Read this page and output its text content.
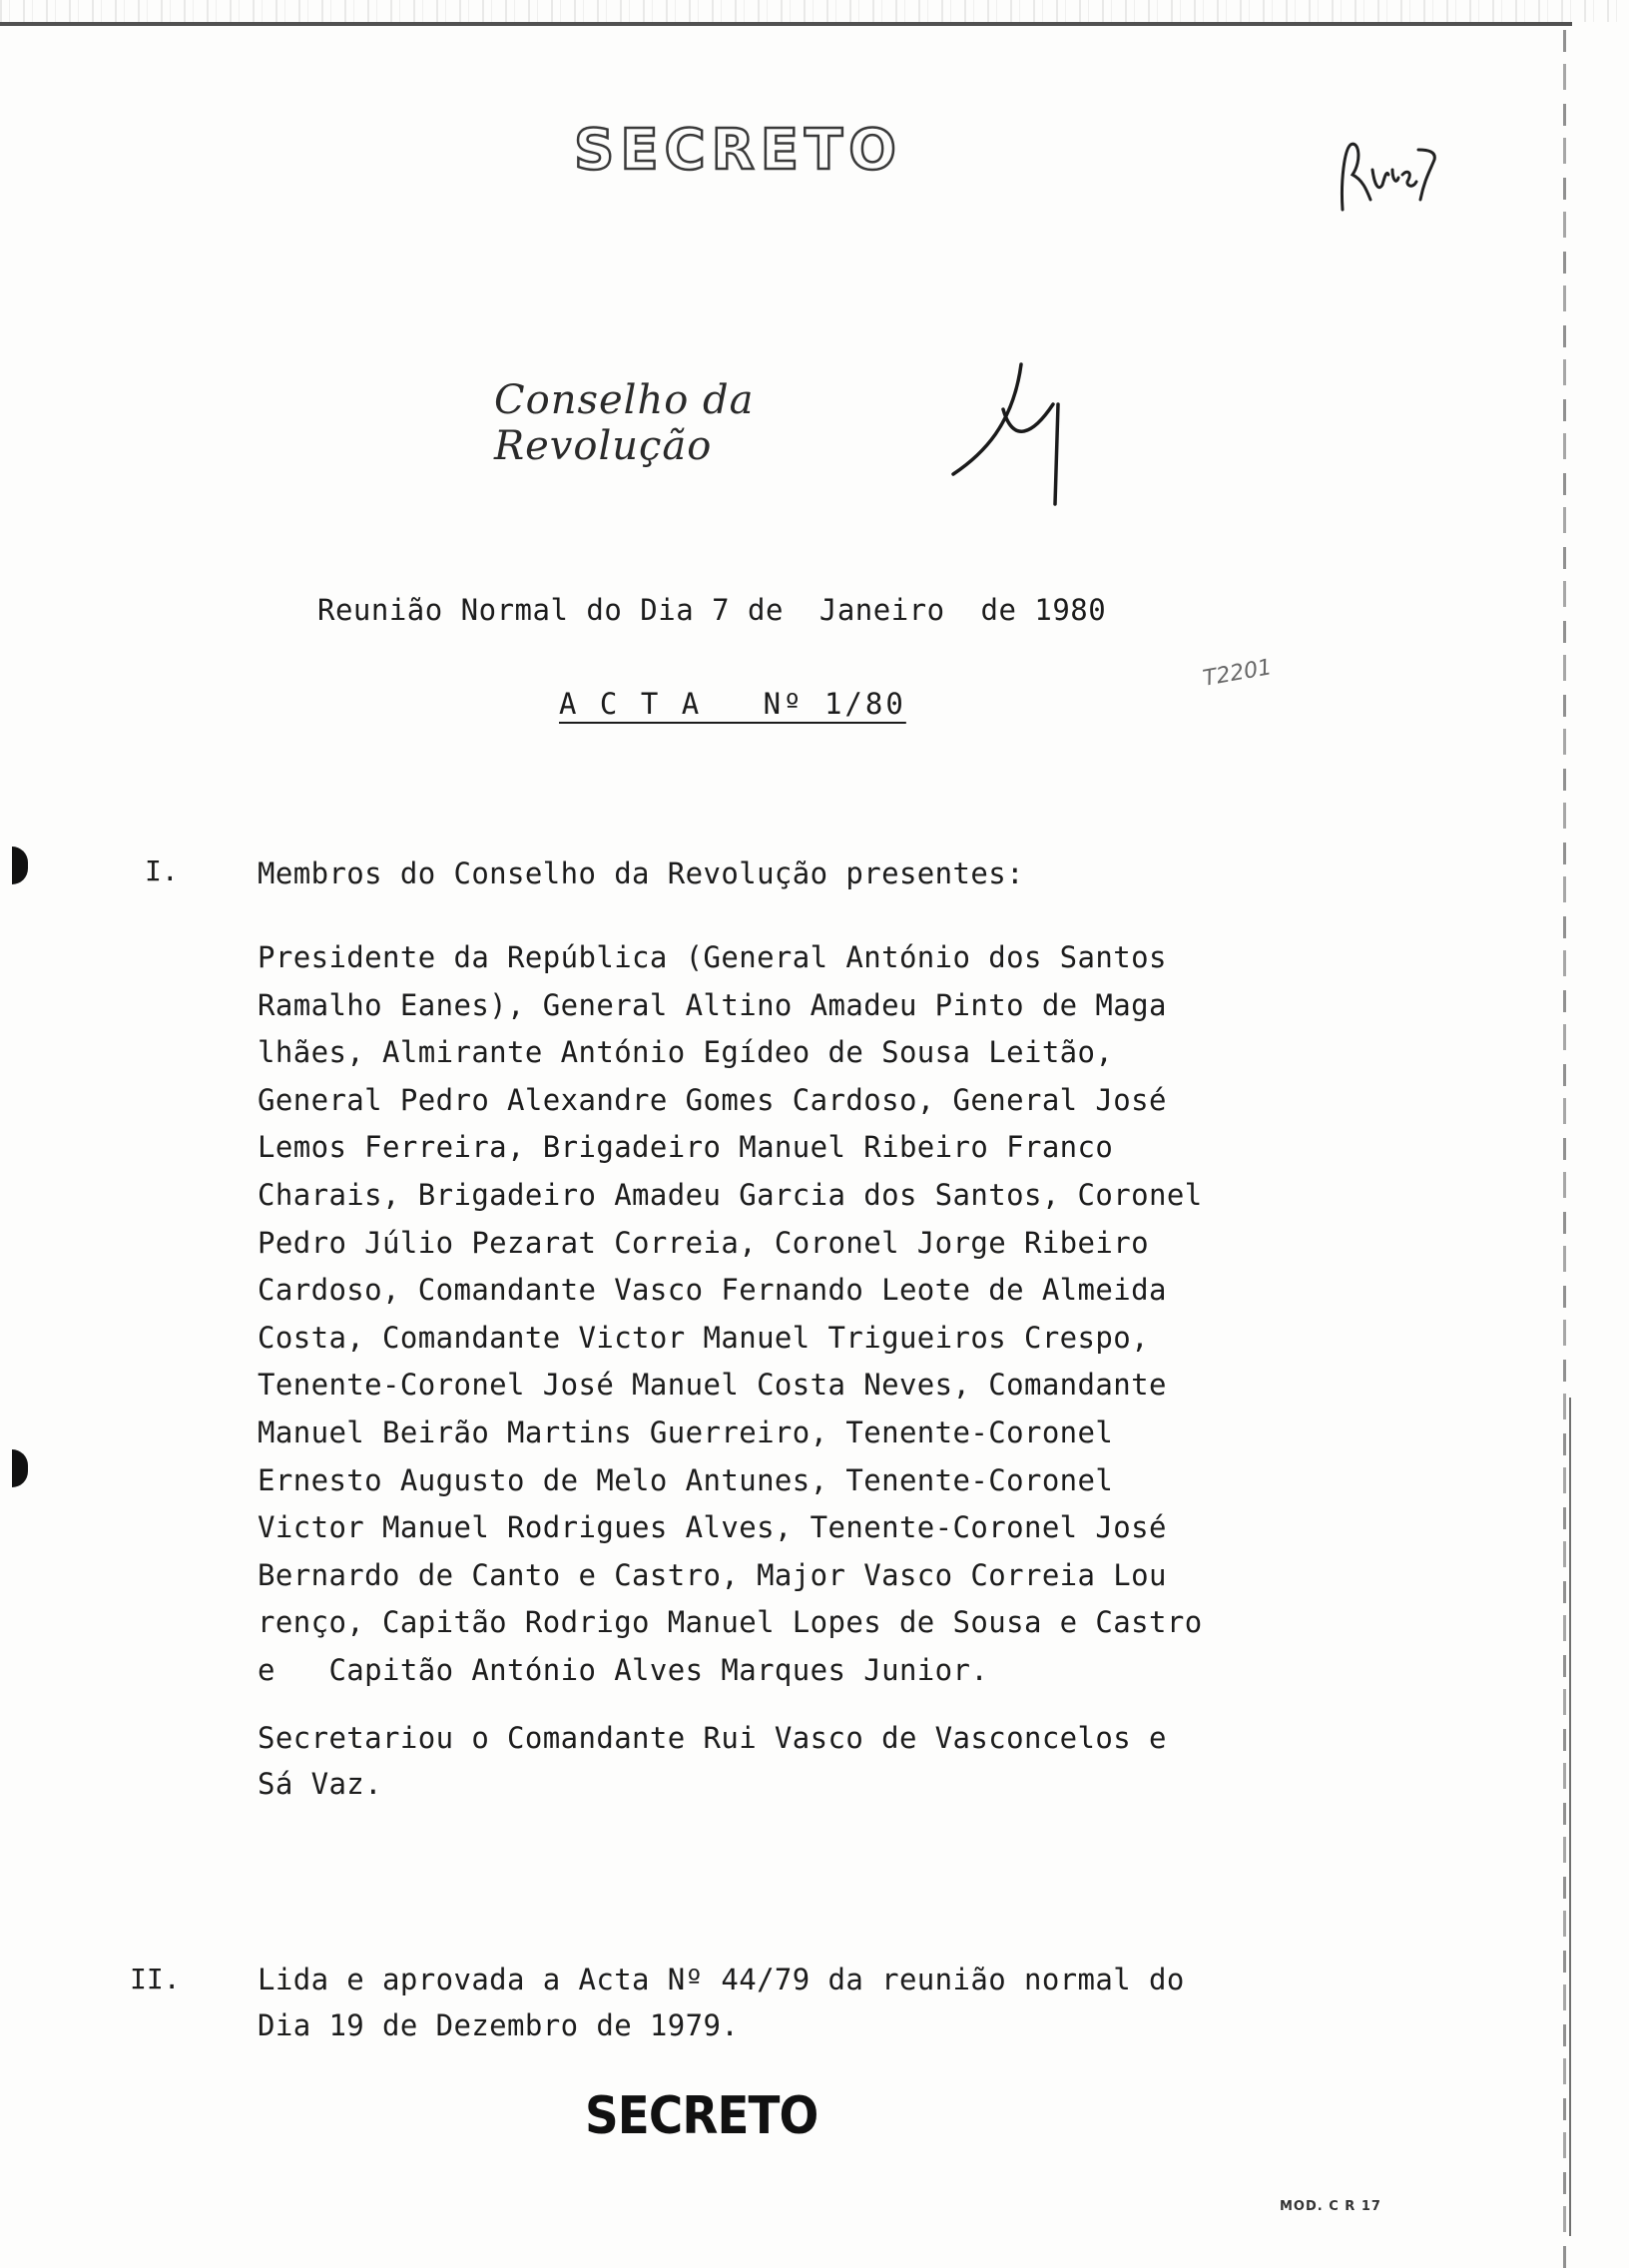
SECRETO
Conselho da Revolução
Reunião Normal do Dia 7 de  Janeiro  de 1980
A C T A   Nº 1/80
T2201
I.	Membros do Conselho da Revolução presentes:
Presidente da República (General António dos Santos
Ramalho Eanes), General Altino Amadeu Pinto de Maga
lhães, Almirante António Egídeo de Sousa Leitão,
General Pedro Alexandre Gomes Cardoso, General José
Lemos Ferreira, Brigadeiro Manuel Ribeiro Franco
Charais, Brigadeiro Amadeu Garcia dos Santos, Coronel
Pedro Júlio Pezarat Correia, Coronel Jorge Ribeiro
Cardoso, Comandante Vasco Fernando Leote de Almeida
Costa, Comandante Victor Manuel Trigueiros Crespo,
Tenente-Coronel José Manuel Costa Neves, Comandante
Manuel Beirão Martins Guerreiro, Tenente-Coronel
Ernesto Augusto de Melo Antunes, Tenente-Coronel
Victor Manuel Rodrigues Alves, Tenente-Coronel José
Bernardo de Canto e Castro, Major Vasco Correia Lou
renço, Capitão Rodrigo Manuel Lopes de Sousa e Castro
e   Capitão António Alves Marques Junior.
Secretariou o Comandante Rui Vasco de Vasconcelos e
Sá Vaz.
II.	Lida e aprovada a Acta Nº 44/79 da reunião normal do
Dia 19 de Dezembro de 1979.
SECRETO
MOD. C R 17
